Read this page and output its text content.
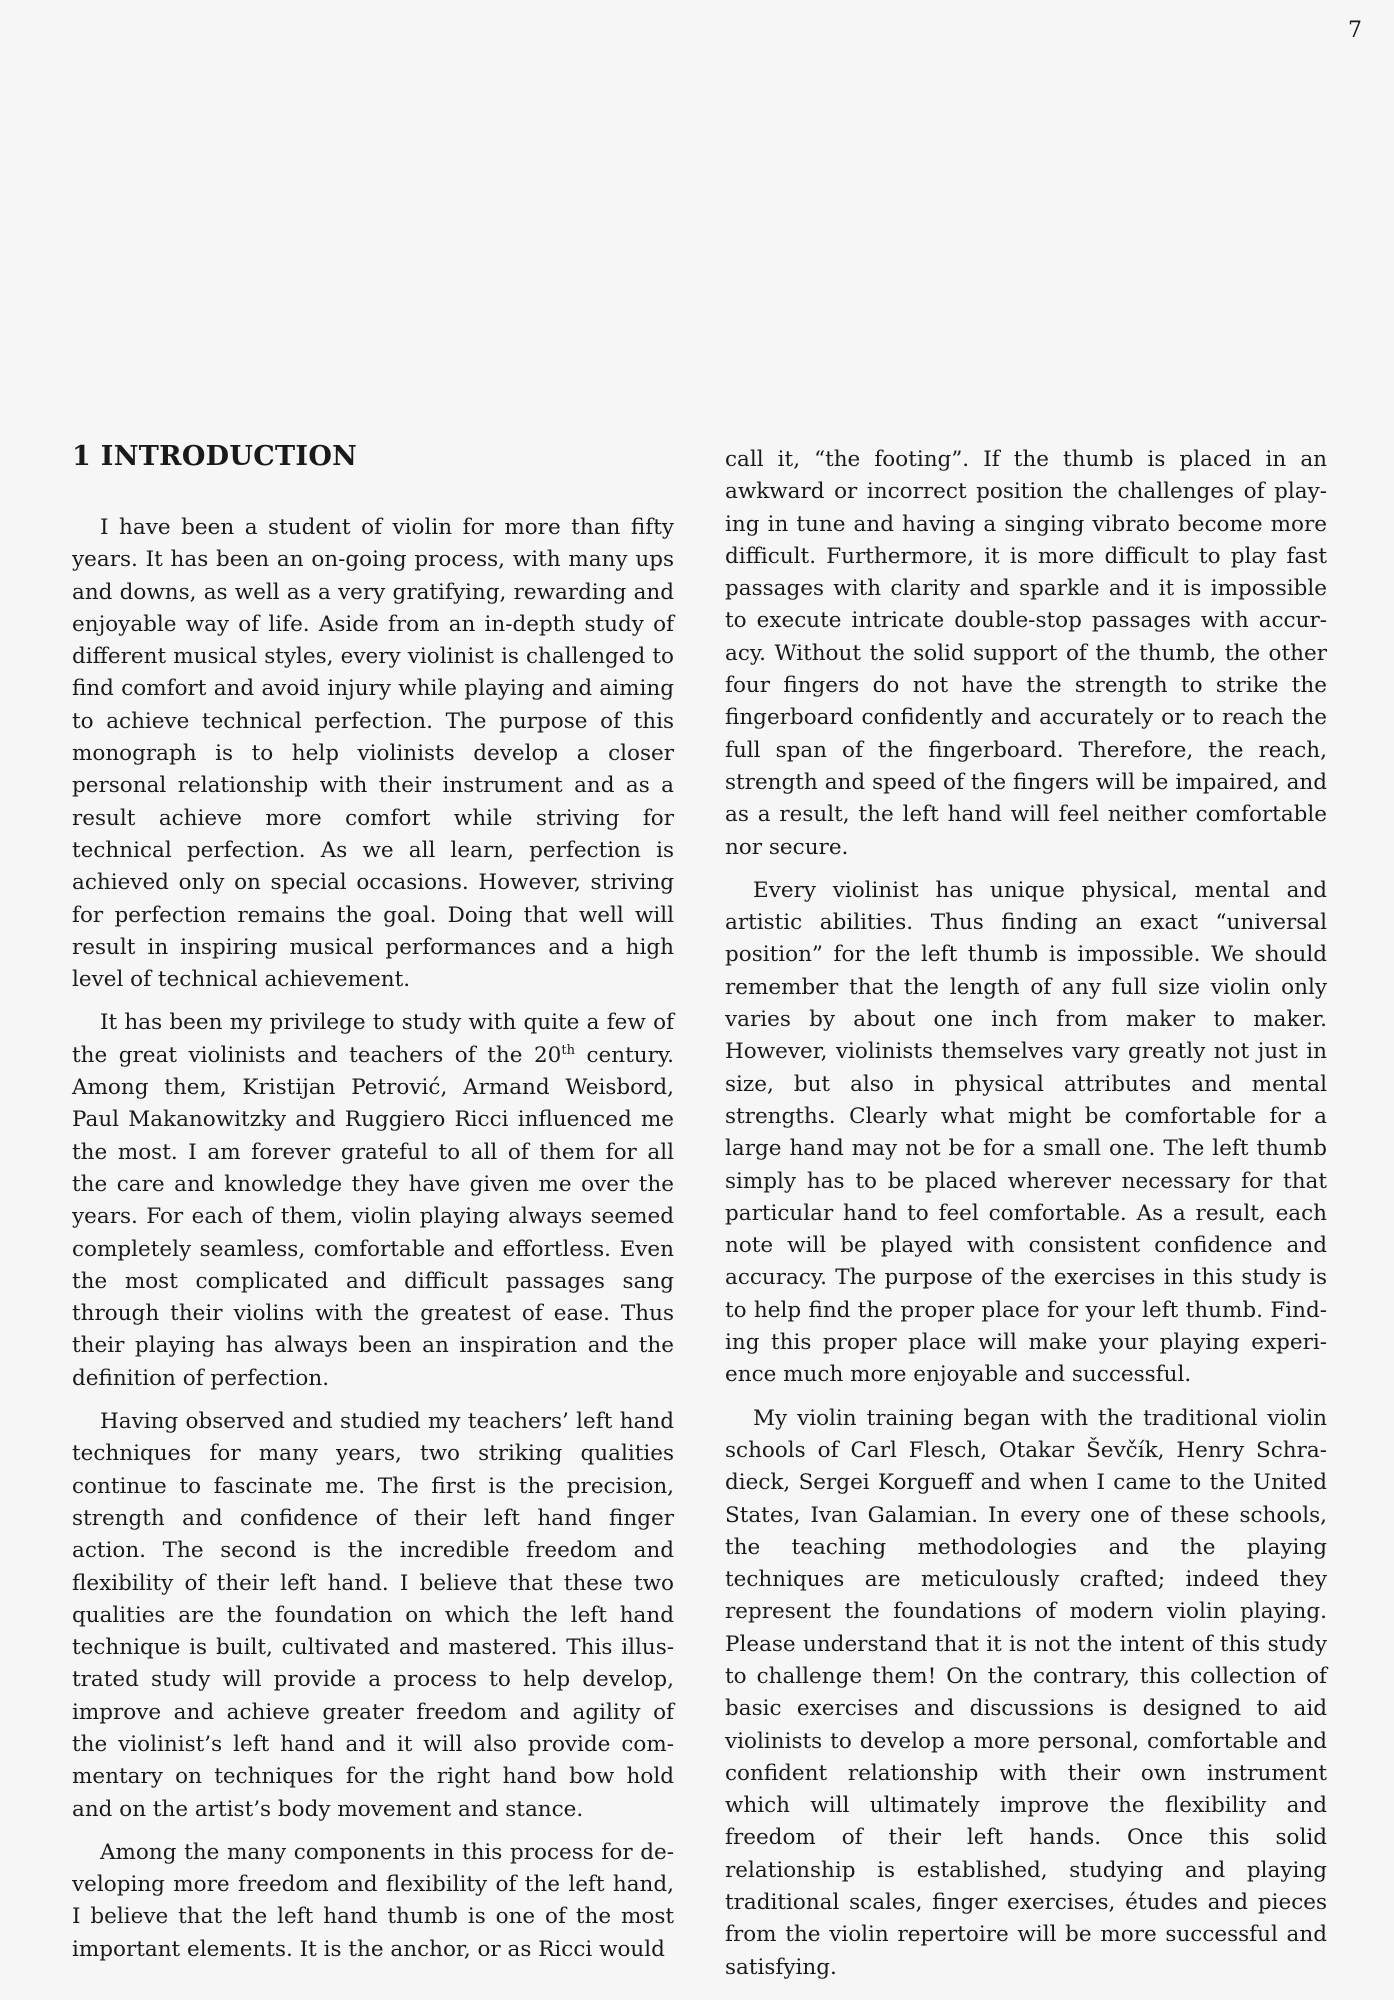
7

1 INTRODUCTION

I have been a student of violin for more than fifty years. It has been an on-going process, with many ups and downs, as well as a very gratifying, rewarding and enjoyable way of life. Aside from an in-depth study of different musical styles, every violinist is challenged to find comfort and avoid injury while playing and aiming to achieve technical perfection. The purpose of this monograph is to help violinists develop a closer personal relationship with their instrument and as a result achieve more comfort while striving for technical perfection. As we all learn, perfection is achieved only on special occasions. However, striving for perfection remains the goal. Doing that well will result in inspiring musical performances and a high level of technical achievement.

It has been my privilege to study with quite a few of the great violinists and teachers of the 20th century. Among them, Kristijan Petrović, Armand Weisbord, Paul Makanowitzky and Ruggiero Ricci influenced me the most. I am forever grateful to all of them for all the care and knowledge they have given me over the years. For each of them, violin playing always seemed completely seamless, comfortable and effortless. Even the most complicated and difficult passages sang through their violins with the greatest of ease. Thus their playing has always been an inspiration and the definition of perfection.

Having observed and studied my teachers’ left hand techniques for many years, two striking qualities continue to fascinate me. The first is the precision, strength and confidence of their left hand finger action. The second is the incredible freedom and flexibility of their left hand. I believe that these two qualities are the foundation on which the left hand technique is built, cultivated and mastered. This illustrated study will provide a process to help develop, improve and achieve greater freedom and agility of the violinist’s left hand and it will also provide commentary on techniques for the right hand bow hold and on the artist’s body movement and stance.

Among the many components in this process for developing more freedom and flexibility of the left hand, I believe that the left hand thumb is one of the most important elements. It is the anchor, or as Ricci would

call it, “the footing”. If the thumb is placed in an awkward or incorrect position the challenges of playing in tune and having a singing vibrato become more difficult. Furthermore, it is more difficult to play fast passages with clarity and sparkle and it is impossible to execute intricate double-stop passages with accuracy. Without the solid support of the thumb, the other four fingers do not have the strength to strike the fingerboard confidently and accurately or to reach the full span of the fingerboard. Therefore, the reach, strength and speed of the fingers will be impaired, and as a result, the left hand will feel neither comfortable nor secure.

Every violinist has unique physical, mental and artistic abilities. Thus finding an exact “universal position” for the left thumb is impossible. We should remember that the length of any full size violin only varies by about one inch from maker to maker. However, violinists themselves vary greatly not just in size, but also in physical attributes and mental strengths. Clearly what might be comfortable for a large hand may not be for a small one. The left thumb simply has to be placed wherever necessary for that particular hand to feel comfortable. As a result, each note will be played with consistent confidence and accuracy. The purpose of the exercises in this study is to help find the proper place for your left thumb. Finding this proper place will make your playing experience much more enjoyable and successful.

My violin training began with the traditional violin schools of Carl Flesch, Otakar Ševčík, Henry Schradieck, Sergei Korgueff and when I came to the United States, Ivan Galamian. In every one of these schools, the teaching methodologies and the playing techniques are meticulously crafted; indeed they represent the foundations of modern violin playing. Please understand that it is not the intent of this study to challenge them! On the contrary, this collection of basic exercises and discussions is designed to aid violinists to develop a more personal, comfortable and confident relationship with their own instrument which will ultimately improve the flexibility and freedom of their left hands. Once this solid relationship is established, studying and playing traditional scales, finger exercises, études and pieces from the violin repertoire will be more successful and satisfying.
